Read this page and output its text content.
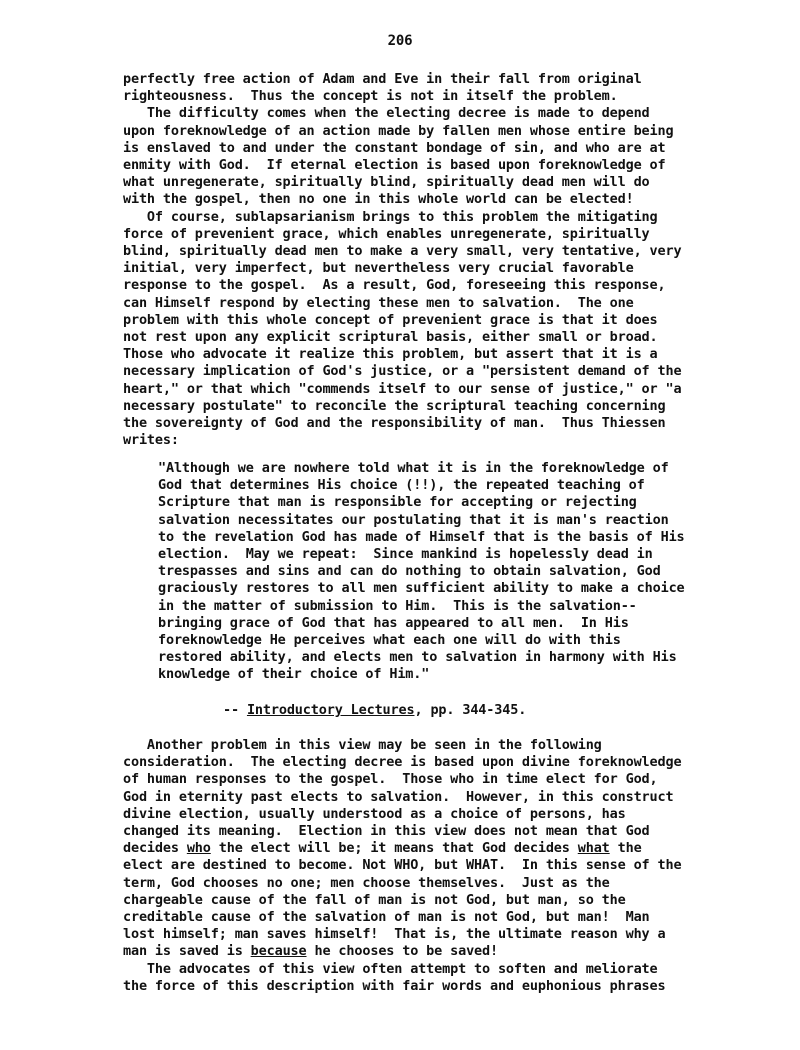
206
perfectly free action of Adam and Eve in their fall from original
righteousness.  Thus the concept is not in itself the problem.
The difficulty comes when the electing decree is made to depend
upon foreknowledge of an action made by fallen men whose entire being
is enslaved to and under the constant bondage of sin, and who are at
enmity with God.  If eternal election is based upon foreknowledge of
what unregenerate, spiritually blind, spiritually dead men will do
with the gospel, then no one in this whole world can be elected!
Of course, sublapsarianism brings to this problem the mitigating
force of prevenient grace, which enables unregenerate, spiritually
blind, spiritually dead men to make a very small, very tentative, very
initial, very imperfect, but nevertheless very crucial favorable
response to the gospel.  As a result, God, foreseeing this response,
can Himself respond by electing these men to salvation.  The one
problem with this whole concept of prevenient grace is that it does
not rest upon any explicit scriptural basis, either small or broad.
Those who advocate it realize this problem, but assert that it is a
necessary implication of God's justice, or a "persistent demand of the
heart," or that which "commends itself to our sense of justice," or "a
necessary postulate" to reconcile the scriptural teaching concerning
the sovereignty of God and the responsibility of man.  Thus Thiessen
writes:
"Although we are nowhere told what it is in the foreknowledge of
God that determines His choice (!!), the repeated teaching of
Scripture that man is responsible for accepting or rejecting
salvation necessitates our postulating that it is man's reaction
to the revelation God has made of Himself that is the basis of His
election.  May we repeat:  Since mankind is hopelessly dead in
trespasses and sins and can do nothing to obtain salvation, God
graciously restores to all men sufficient ability to make a choice
in the matter of submission to Him.  This is the salvation--
bringing grace of God that has appeared to all men.  In His
foreknowledge He perceives what each one will do with this
restored ability, and elects men to salvation in harmony with His
knowledge of their choice of Him."
-- Introductory Lectures, pp. 344-345.
Another problem in this view may be seen in the following
consideration.  The electing decree is based upon divine foreknowledge
of human responses to the gospel.  Those who in time elect for God,
God in eternity past elects to salvation.  However, in this construct
divine election, usually understood as a choice of persons, has
changed its meaning.  Election in this view does not mean that God
decides who the elect will be; it means that God decides what the
elect are destined to become. Not WHO, but WHAT.  In this sense of the
term, God chooses no one; men choose themselves.  Just as the
chargeable cause of the fall of man is not God, but man, so the
creditable cause of the salvation of man is not God, but man!  Man
lost himself; man saves himself!  That is, the ultimate reason why a
man is saved is because he chooses to be saved!
The advocates of this view often attempt to soften and meliorate
the force of this description with fair words and euphonious phrases
